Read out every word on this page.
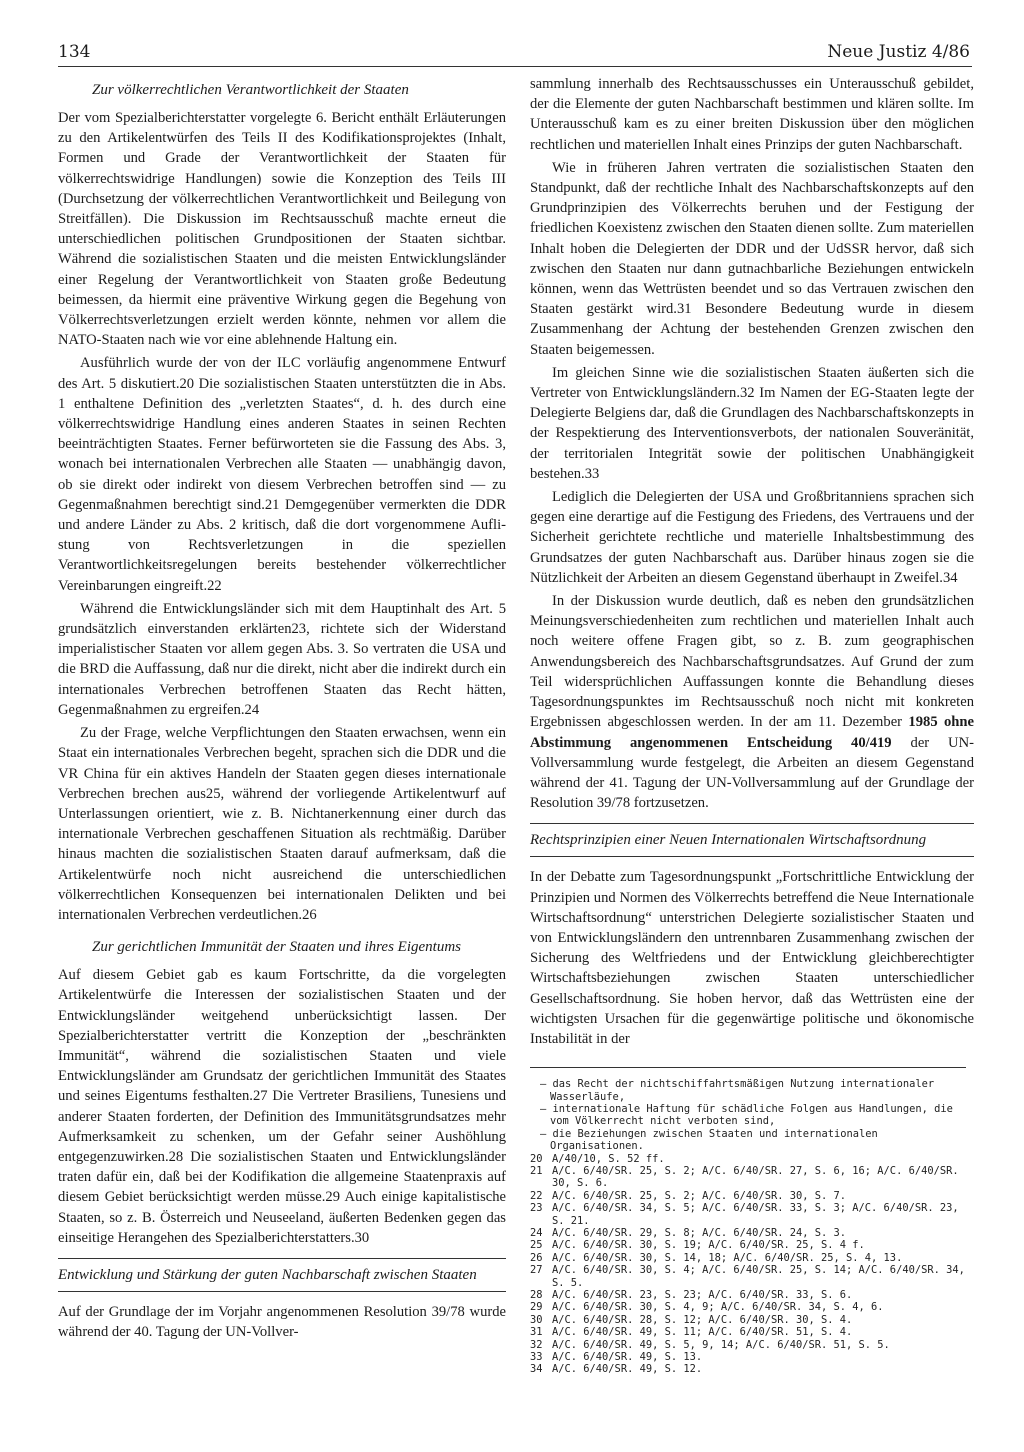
134	Neue Justiz 4/86
Zur völkerrechtlichen Verantwortlichkeit der Staaten

Der vom Spezialberichterstatter vorgelegte 6. Bericht enthält Erläuterungen zu den Artikelentwürfen des Teils II des Kodifikationsprojektes (Inhalt, Formen und Grade der Verantwortlichkeit der Staaten für völkerrechtswidrige Handlungen) sowie die Konzeption des Teils III (Durchsetzung der völkerrechtlichen Verantwortlichkeit und Beilegung von Streitfällen). Die Diskussion im Rechtsausschuß machte erneut die unterschiedlichen politischen Grundpositionen der Staaten sichtbar. Während die sozialistischen Staaten und die meisten Entwicklungsländer einer Regelung der Verantwortlichkeit von Staaten große Bedeutung beimessen, da hiermit eine präventive Wirkung gegen die Begehung von Völkerrechtsverletzungen erzielt werden könnte, nehmen vor allem die NATO-Staaten nach wie vor eine ablehnende Haltung ein.

Ausführlich wurde der von der ILC vorläufig angenommene Entwurf des Art. 5 diskutiert.20 Die sozialistischen Staaten unterstützten die in Abs. 1 enthaltene Definition des „verletzten Staates“, d. h. des durch eine völkerrechtswidrige Handlung eines anderen Staates in seinen Rechten beeinträchtigten Staates. Ferner befürworteten sie die Fassung des Abs. 3, wonach bei internationalen Verbrechen alle Staaten — unabhängig davon, ob sie direkt oder indirekt von diesem Verbrechen betroffen sind — zu Gegenmaßnahmen berechtigt sind.21 Demgegenüber vermerkten die DDR und andere Länder zu Abs. 2 kritisch, daß die dort vorgenommene Aufli-stung von Rechtsverletzungen in die speziellen Verantwortlichkeitsregelungen bereits bestehender völkerrechtlicher Vereinbarungen eingreift.22

Während die Entwicklungsländer sich mit dem Hauptinhalt des Art. 5 grundsätzlich einverstanden erklärten23, richtete sich der Widerstand imperialistischer Staaten vor allem gegen Abs. 3. So vertraten die USA und die BRD die Auffassung, daß nur die direkt, nicht aber die indirekt durch ein internationales Verbrechen betroffenen Staaten das Recht hätten, Gegenmaßnahmen zu ergreifen.24

Zu der Frage, welche Verpflichtungen den Staaten erwachsen, wenn ein Staat ein internationales Verbrechen begeht, sprachen sich die DDR und die VR China für ein aktives Handeln der Staaten gegen dieses internationale Verbrechen brechen aus25, während der vorliegende Artikelentwurf auf Unterlassungen orientiert, wie z. B. Nichtanerkennung einer durch das internationale Verbrechen geschaffenen Situation als rechtmäßig. Darüber hinaus machten die sozialistischen Staaten darauf aufmerksam, daß die Artikelentwürfe noch nicht ausreichend die unterschiedlichen völkerrechtlichen Konsequenzen bei internationalen Delikten und bei internationalen Verbrechen verdeutlichen.26

Zur gerichtlichen Immunität der Staaten und ihres Eigentums

Auf diesem Gebiet gab es kaum Fortschritte, da die vorgelegten Artikelentwürfe die Interessen der sozialistischen Staaten und der Entwicklungsländer weitgehend unberücksichtigt lassen. Der Spezialberichterstatter vertritt die Konzeption der „beschränkten Immunität“, während die sozialistischen Staaten und viele Entwicklungsländer am Grundsatz der gerichtlichen Immunität des Staates und seines Eigentums festhalten.27 Die Vertreter Brasiliens, Tunesiens und anderer Staaten forderten, der Definition des Immunitätsgrundsatzes mehr Aufmerksamkeit zu schenken, um der Gefahr seiner Aushöhlung entgegenzuwirken.28 Die sozialistischen Staaten und Entwicklungsländer traten dafür ein, daß bei der Kodifikation die allgemeine Staatenpraxis auf diesem Gebiet berücksichtigt werden müsse.29 Auch einige kapitalistische Staaten, so z. B. Österreich und Neuseeland, äußerten Bedenken gegen das einseitige Herangehen des Spezialberichterstatters.30

Entwicklung und Stärkung der guten Nachbarschaft zwischen Staaten

Auf der Grundlage der im Vorjahr angenommenen Resolution 39/78 wurde während der 40. Tagung der UN-Vollver-

sammlung innerhalb des Rechtsausschusses ein Unterausschuß gebildet, der die Elemente der guten Nachbarschaft bestimmen und klären sollte. Im Unterausschuß kam es zu einer breiten Diskussion über den möglichen rechtlichen und materiellen Inhalt eines Prinzips der guten Nachbarschaft.

Wie in früheren Jahren vertraten die sozialistischen Staaten den Standpunkt, daß der rechtliche Inhalt des Nachbarschaftskonzepts auf den Grundprinzipien des Völkerrechts beruhen und der Festigung der friedlichen Koexistenz zwischen den Staaten dienen sollte. Zum materiellen Inhalt hoben die Delegierten der DDR und der UdSSR hervor, daß sich zwischen den Staaten nur dann gutnachbarliche Beziehungen entwickeln können, wenn das Wettrüsten beendet und so das Vertrauen zwischen den Staaten gestärkt wird.31 Besondere Bedeutung wurde in diesem Zusammenhang der Achtung der bestehenden Grenzen zwischen den Staaten beigemessen.

Im gleichen Sinne wie die sozialistischen Staaten äußerten sich die Vertreter von Entwicklungsländern.32 Im Namen der EG-Staaten legte der Delegierte Belgiens dar, daß die Grundlagen des Nachbarschaftskonzepts in der Respektierung des Interventionsverbots, der nationalen Souveränität, der territorialen Integrität sowie der politischen Unabhängigkeit bestehen.33

Lediglich die Delegierten der USA und Großbritanniens sprachen sich gegen eine derartige auf die Festigung des Friedens, des Vertrauens und der Sicherheit gerichtete rechtliche und materielle Inhaltsbestimmung des Grundsatzes der guten Nachbarschaft aus. Darüber hinaus zogen sie die Nützlichkeit der Arbeiten an diesem Gegenstand überhaupt in Zweifel.34

In der Diskussion wurde deutlich, daß es neben den grundsätzlichen Meinungsverschiedenheiten zum rechtlichen und materiellen Inhalt auch noch weitere offene Fragen gibt, so z. B. zum geographischen Anwendungsbereich des Nachbarschaftsgrundsatzes. Auf Grund der zum Teil widersprüchlichen Auffassungen konnte die Behandlung dieses Tagesordnungspunktes im Rechtsausschuß noch nicht mit konkreten Ergebnissen abgeschlossen werden. In der am 11. Dezember 1985 ohne Abstimmung angenommenen Entscheidung 40/419 der UN-Vollversammlung wurde festgelegt, die Arbeiten an diesem Gegenstand während der 41. Tagung der UN-Vollversammlung auf der Grundlage der Resolution 39/78 fortzusetzen.

Rechtsprinzipien einer Neuen Internationalen Wirtschaftsordnung

In der Debatte zum Tagesordnungspunkt „Fortschrittliche Entwicklung der Prinzipien und Normen des Völkerrechts betreffend die Neue Internationale Wirtschaftsordnung“ unterstrichen Delegierte sozialistischer Staaten und von Entwicklungsländern den untrennbaren Zusammenhang zwischen der Sicherung des Weltfriedens und der Entwicklung gleichberechtigter Wirtschaftsbeziehungen zwischen Staaten unterschiedlicher Gesellschaftsordnung. Sie hoben hervor, daß das Wettrüsten eine der wichtigsten Ursachen für die gegenwärtige politische und ökonomische Instabilität in der

— das Recht der nichtschiffahrtsmäßigen Nutzung internationaler Wasserläufe,
— internationale Haftung für schädliche Folgen aus Handlungen, die vom Völkerrecht nicht verboten sind,
— die Beziehungen zwischen Staaten und internationalen Organisationen.
20 A/40/10, S. 52 ff.
21 A/C. 6/40/SR. 25, S. 2; A/C. 6/40/SR. 27, S. 6, 16; A/C. 6/40/SR. 30, S. 6.
22 A/C. 6/40/SR. 25, S. 2; A/C. 6/40/SR. 30, S. 7.
23 A/C. 6/40/SR. 34, S. 5; A/C. 6/40/SR. 33, S. 3; A/C. 6/40/SR. 23, S. 21.
24 A/C. 6/40/SR. 29, S. 8; A/C. 6/40/SR. 24, S. 3.
25 A/C. 6/40/SR. 30, S. 19; A/C. 6/40/SR. 25, S. 4 f.
26 A/C. 6/40/SR. 30, S. 14, 18; A/C. 6/40/SR. 25, S. 4, 13.
27 A/C. 6/40/SR. 30, S. 4; A/C. 6/40/SR. 25, S. 14; A/C. 6/40/SR. 34, S. 5.
28 A/C. 6/40/SR. 23, S. 23; A/C. 6/40/SR. 33, S. 6.
29 A/C. 6/40/SR. 30, S. 4, 9; A/C. 6/40/SR. 34, S. 4, 6.
30 A/C. 6/40/SR. 28, S. 12; A/C. 6/40/SR. 30, S. 4.
31 A/C. 6/40/SR. 49, S. 11; A/C. 6/40/SR. 51, S. 4.
32 A/C. 6/40/SR. 49, S. 5, 9, 14; A/C. 6/40/SR. 51, S. 5.
33 A/C. 6/40/SR. 49, S. 13.
34 A/C. 6/40/SR. 49, S. 12.
